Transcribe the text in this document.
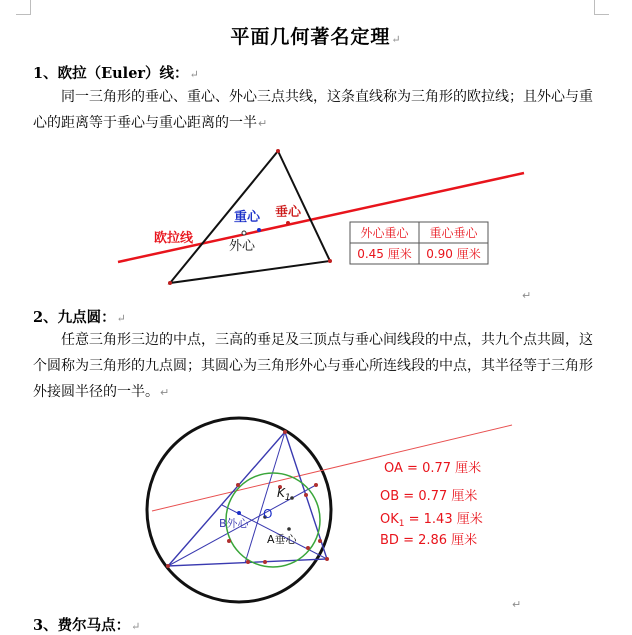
平面几何著名定理↵
1、欧拉（Euler）线：↵
同一三角形的垂心、重心、外心三点共线，这条直线称为三角形的欧拉线；且外心与重心的距离等于垂心与重心距离的一半↵
欧拉线
重心 垂心
外心
外心重心 重心垂心
0.45 厘米 0.90 厘米
↵
2、九点圆：↵
任意三角形三边的中点，三高的垂足及三顶点与垂心间线段的中点，共九个点共圆，这个圆称为三角形的九点圆；其圆心为三角形外心与垂心所连线段的中点，其半径等于三角形外接圆半径的一半。↵
O
$K_1$
B外心
A垂心
OA = 0.77 厘米
OB = 0.77 厘米
$OK_1 = 1.43$ 厘米
BD = 2.86 厘米
↵
3、费尔马点：↵
